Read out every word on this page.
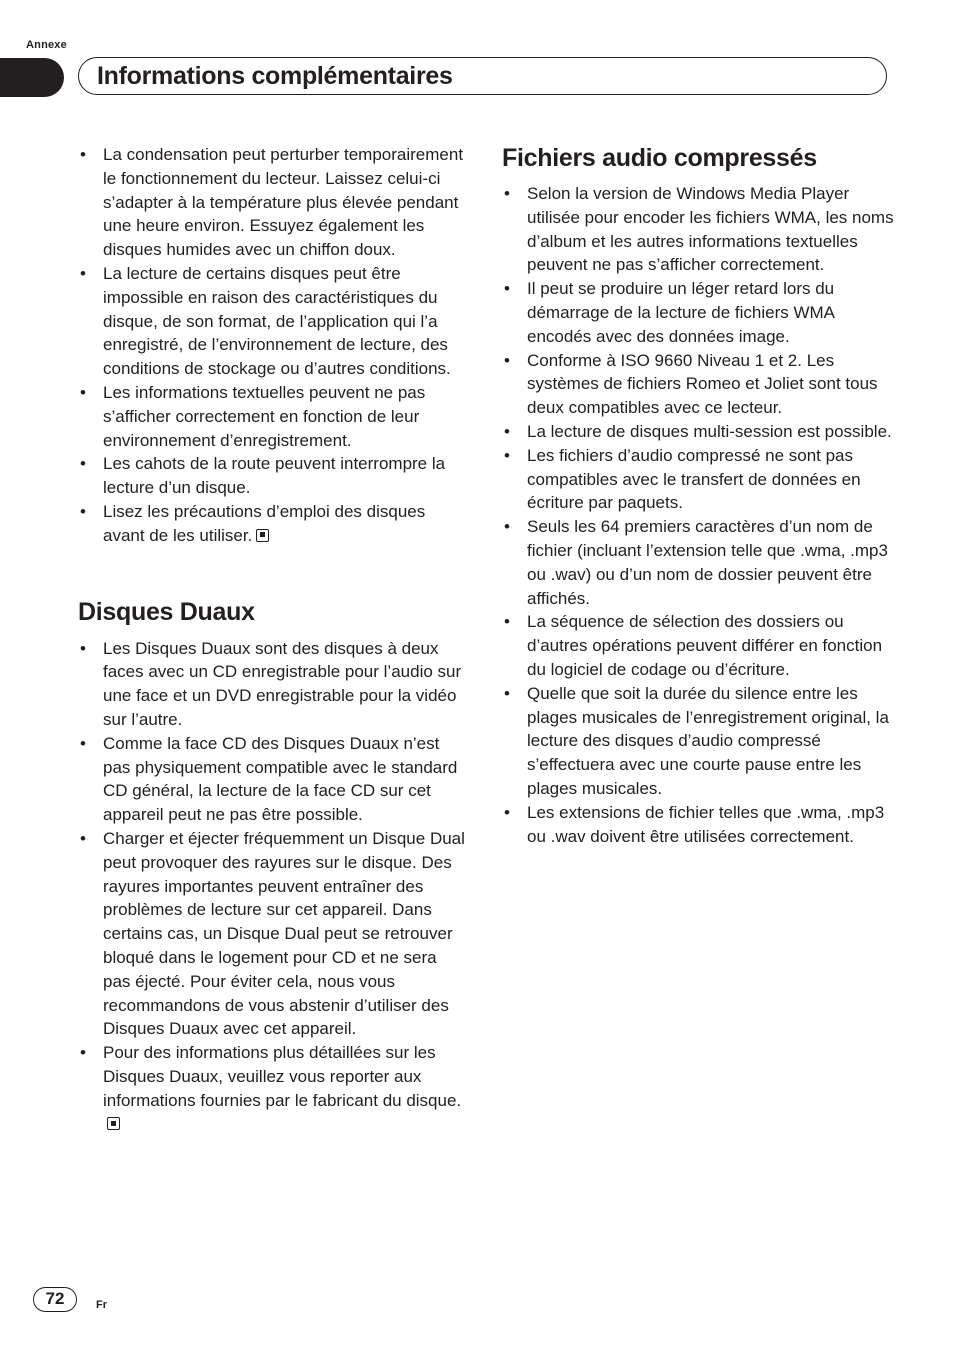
Annexe
Informations complémentaires
• La condensation peut perturber temporairement le fonctionnement du lecteur. Laissez celui-ci s’adapter à la température plus élevée pendant une heure environ. Essuyez également les disques humides avec un chiffon doux.
• La lecture de certains disques peut être impossible en raison des caractéristiques du disque, de son format, de l’application qui l’a enregistré, de l’environnement de lecture, des conditions de stockage ou d’autres conditions.
• Les informations textuelles peuvent ne pas s’afficher correctement en fonction de leur environnement d’enregistrement.
• Les cahots de la route peuvent interrompre la lecture d’un disque.
• Lisez les précautions d’emploi des disques avant de les utiliser.
Disques Duaux
• Les Disques Duaux sont des disques à deux faces avec un CD enregistrable pour l’audio sur une face et un DVD enregistrable pour la vidéo sur l’autre.
• Comme la face CD des Disques Duaux n’est pas physiquement compatible avec le standard CD général, la lecture de la face CD sur cet appareil peut ne pas être possible.
• Charger et éjecter fréquemment un Disque Dual peut provoquer des rayures sur le disque. Des rayures importantes peuvent entraîner des problèmes de lecture sur cet appareil. Dans certains cas, un Disque Dual peut se retrouver bloqué dans le logement pour CD et ne sera pas éjecté. Pour éviter cela, nous vous recommandons de vous abstenir d’utiliser des Disques Duaux avec cet appareil.
• Pour des informations plus détaillées sur les Disques Duaux, veuillez vous reporter aux informations fournies par le fabricant du disque.
Fichiers audio compressés
• Selon la version de Windows Media Player utilisée pour encoder les fichiers WMA, les noms d’album et les autres informations textuelles peuvent ne pas s’afficher correctement.
• Il peut se produire un léger retard lors du démarrage de la lecture de fichiers WMA encodés avec des données image.
• Conforme à ISO 9660 Niveau 1 et 2. Les systèmes de fichiers Romeo et Joliet sont tous deux compatibles avec ce lecteur.
• La lecture de disques multi-session est possible.
• Les fichiers d’audio compressé ne sont pas compatibles avec le transfert de données en écriture par paquets.
• Seuls les 64 premiers caractères d’un nom de fichier (incluant l’extension telle que .wma, .mp3 ou .wav) ou d’un nom de dossier peuvent être affichés.
• La séquence de sélection des dossiers ou d’autres opérations peuvent différer en fonction du logiciel de codage ou d’écriture.
• Quelle que soit la durée du silence entre les plages musicales de l’enregistrement original, la lecture des disques d’audio compressé s’effectuera avec une courte pause entre les plages musicales.
• Les extensions de fichier telles que .wma, .mp3 ou .wav doivent être utilisées correctement.
72	Fr
